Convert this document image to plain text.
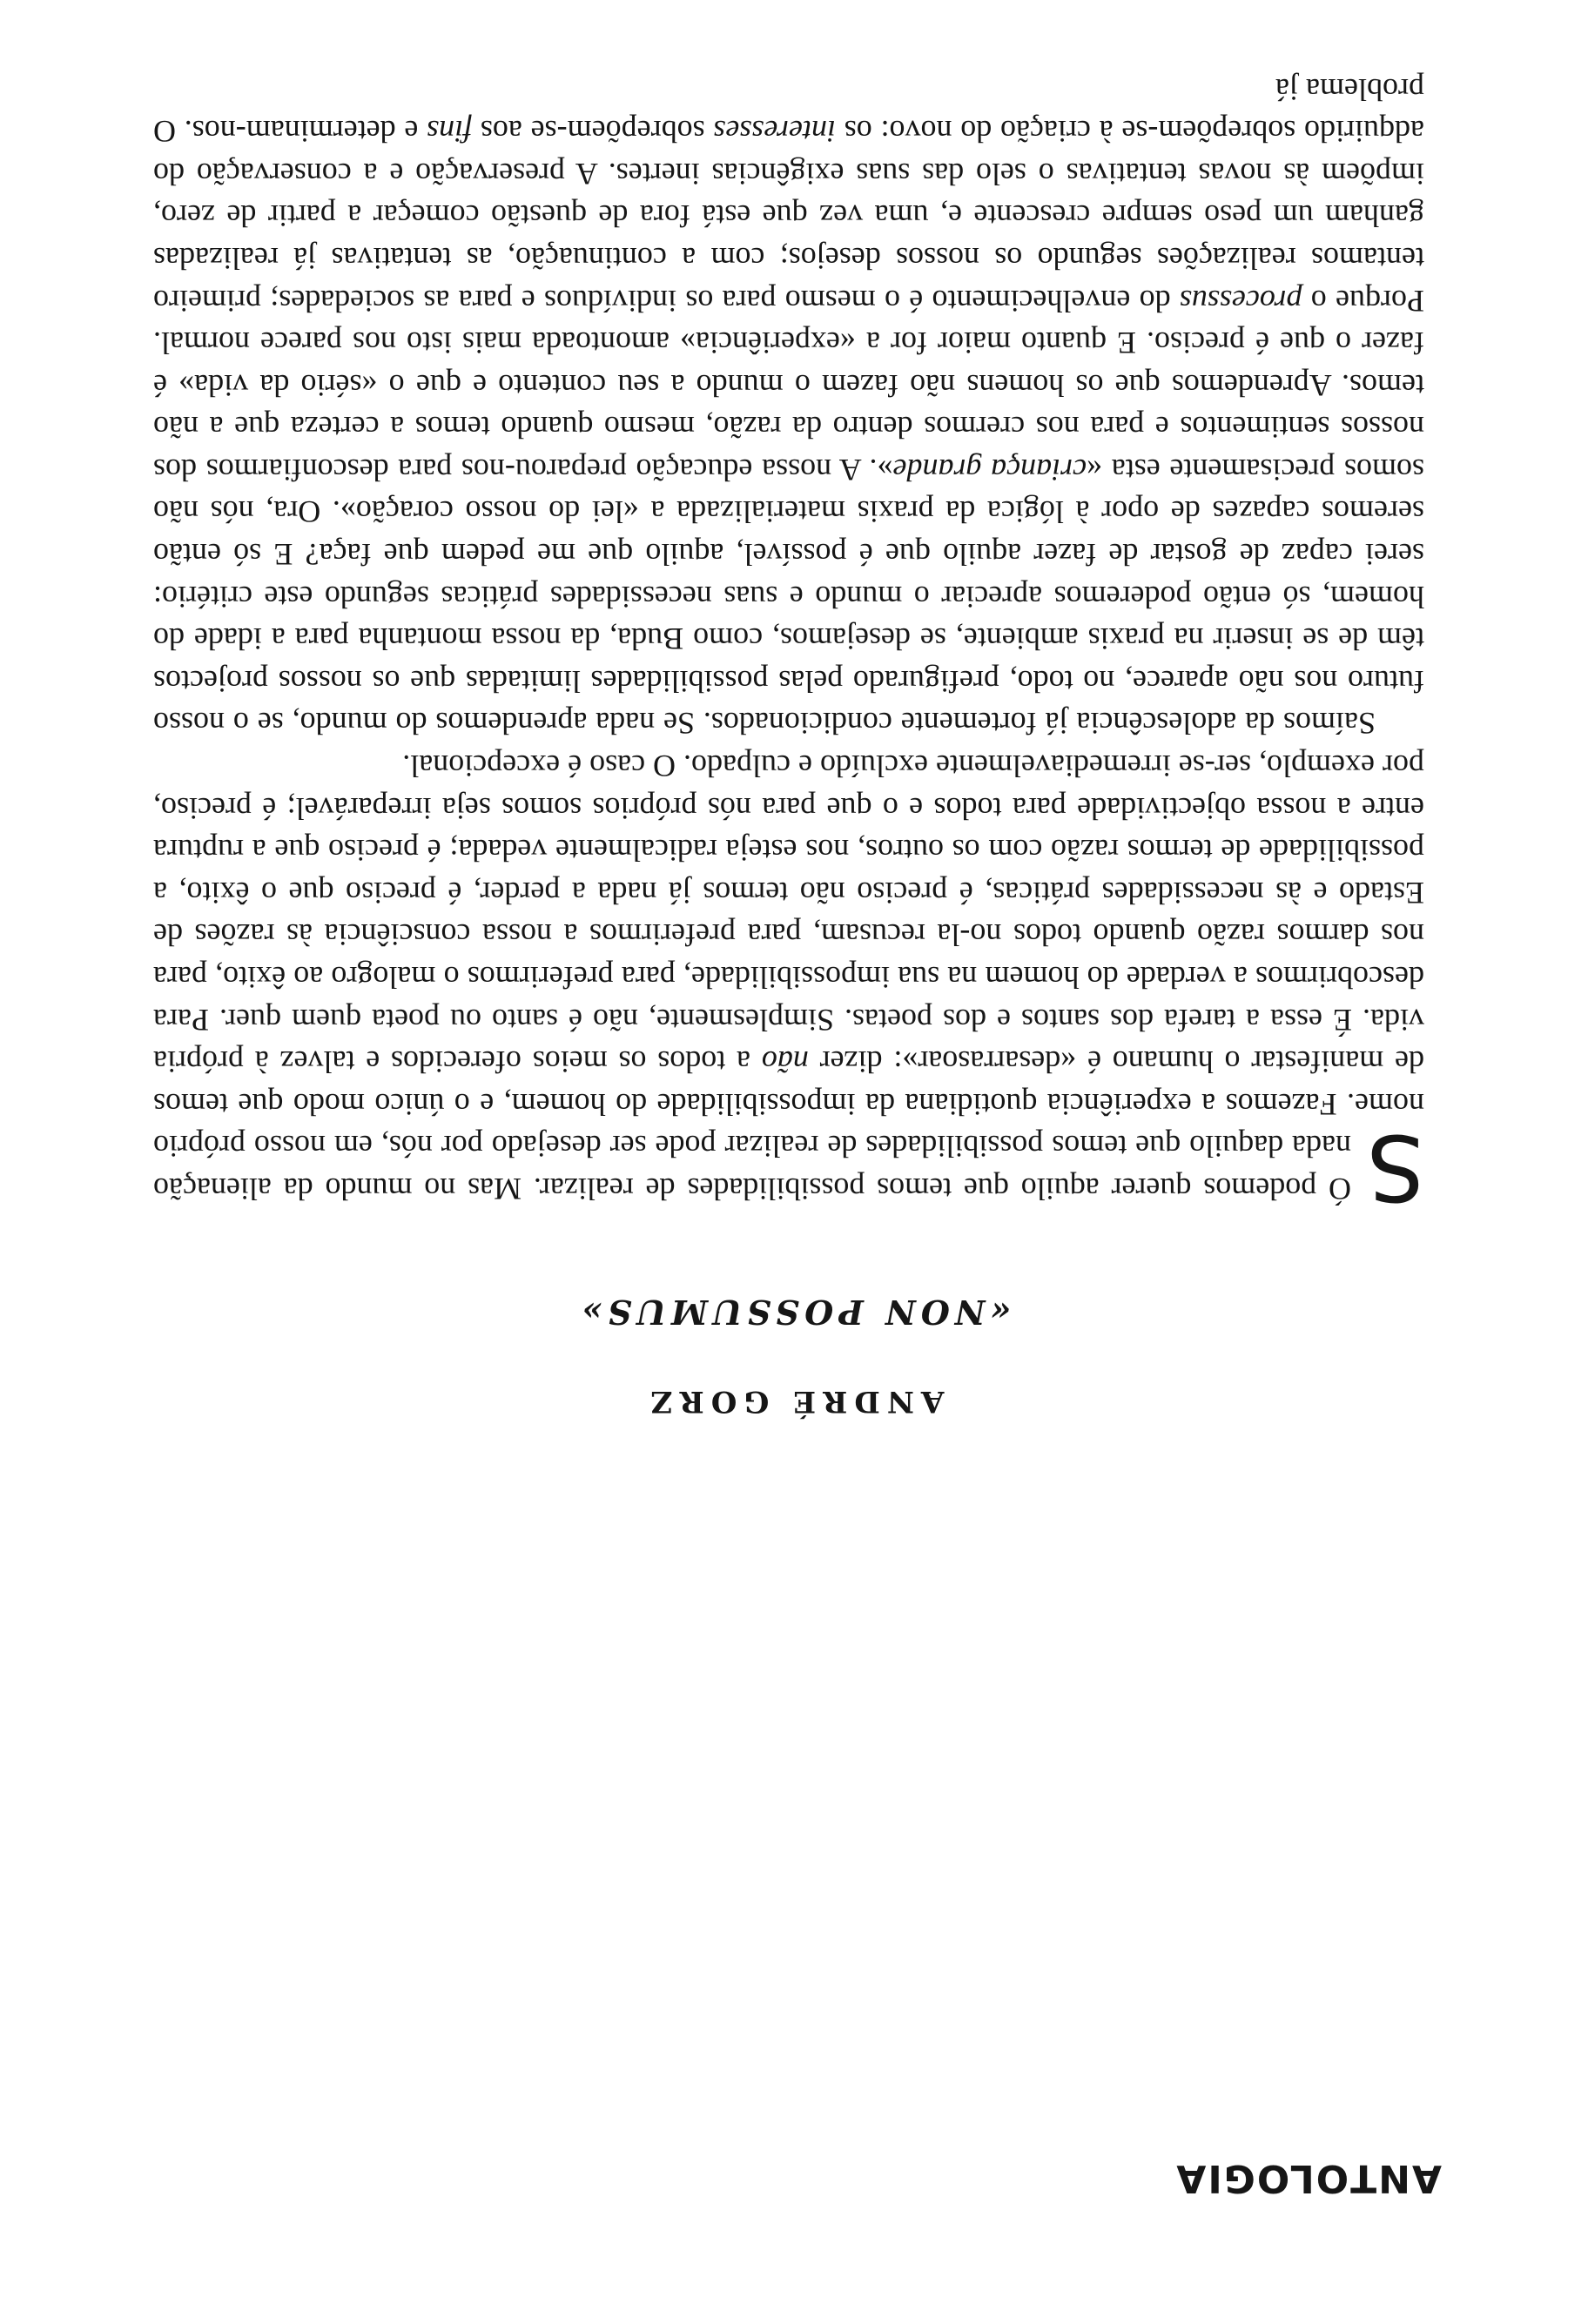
ANTOLOGIA
ANDRÉ GORZ
«NON POSSUMUS»

S
Ó podemos querer aquilo que temos possibilidades de realizar. Mas no mundo da alienação nada daquilo que temos possibilidades de realizar pode ser desejado por nós, em nosso próprio nome. Fazemos a experiência quotidiana da impossibilidade do homem, e o único modo que temos de manifestar o humano é «desarrasoar»: dizer não a todos os meios oferecidos e talvez à própria vida. É essa a tarefa dos santos e dos poetas. Simplesmente, não é santo ou poeta quem quer. Para descobrirmos a verdade do homem na sua impossibilidade, para preferirmos o malogro ao êxito, para nos darmos razão quando todos no-la recusam, para preferirmos a nossa consciência às razões de Estado e às necessidades práticas, é preciso não termos já nada a perder, é preciso que o êxito, a possibilidade de termos razão com os outros, nos esteja radicalmente vedada; é preciso que a ruptura entre a nossa objectividade para todos e o que para nós próprios somos seja irreparável; é preciso, por exemplo, ser-se irremediavelmente excluído e culpado. O caso é excepcional.

Saímos da adolescência já fortemente condicionados. Se nada aprendemos do mundo, se o nosso futuro nos não aparece, no todo, prefigurado pelas possibilidades limitadas que os nossos projectos têm de se inserir na praxis ambiente, se desejamos, como Buda, da nossa montanha para a idade do homem, só então poderemos apreciar o mundo e suas necessidades práticas segundo este critério: serei capaz de gostar de fazer aquilo que é possível, aquilo que me pedem que faça? E só então seremos capazes de opor à lógica da praxis materializada a «lei do nosso coração». Ora, nós não somos precisamente esta «criança grande». A nossa educação preparou-nos para desconfiarmos dos nossos sentimentos e para nos crermos dentro da razão, mesmo quando temos a certeza que a não temos. Aprendemos que os homens não fazem o mundo a seu contento e que o «sério da vida» é fazer o que é preciso. E quanto maior for a «experiência» amontoada mais isto nos parece normal. Porque o processus do envelhecimento é o mesmo para os indivíduos e para as sociedades; primeiro tentamos realizações segundo os nossos desejos; com a continuação, as tentativas já realizadas ganham um peso sempre crescente e, uma vez que está fora de questão começar a partir de zero, impõem às novas tentativas o selo das suas exigências inertes. A preservação e a conservação do adquirido sobrepõem-se à criação do novo: os interesses sobrepõem-se aos fins e determinam-nos. O problema já
